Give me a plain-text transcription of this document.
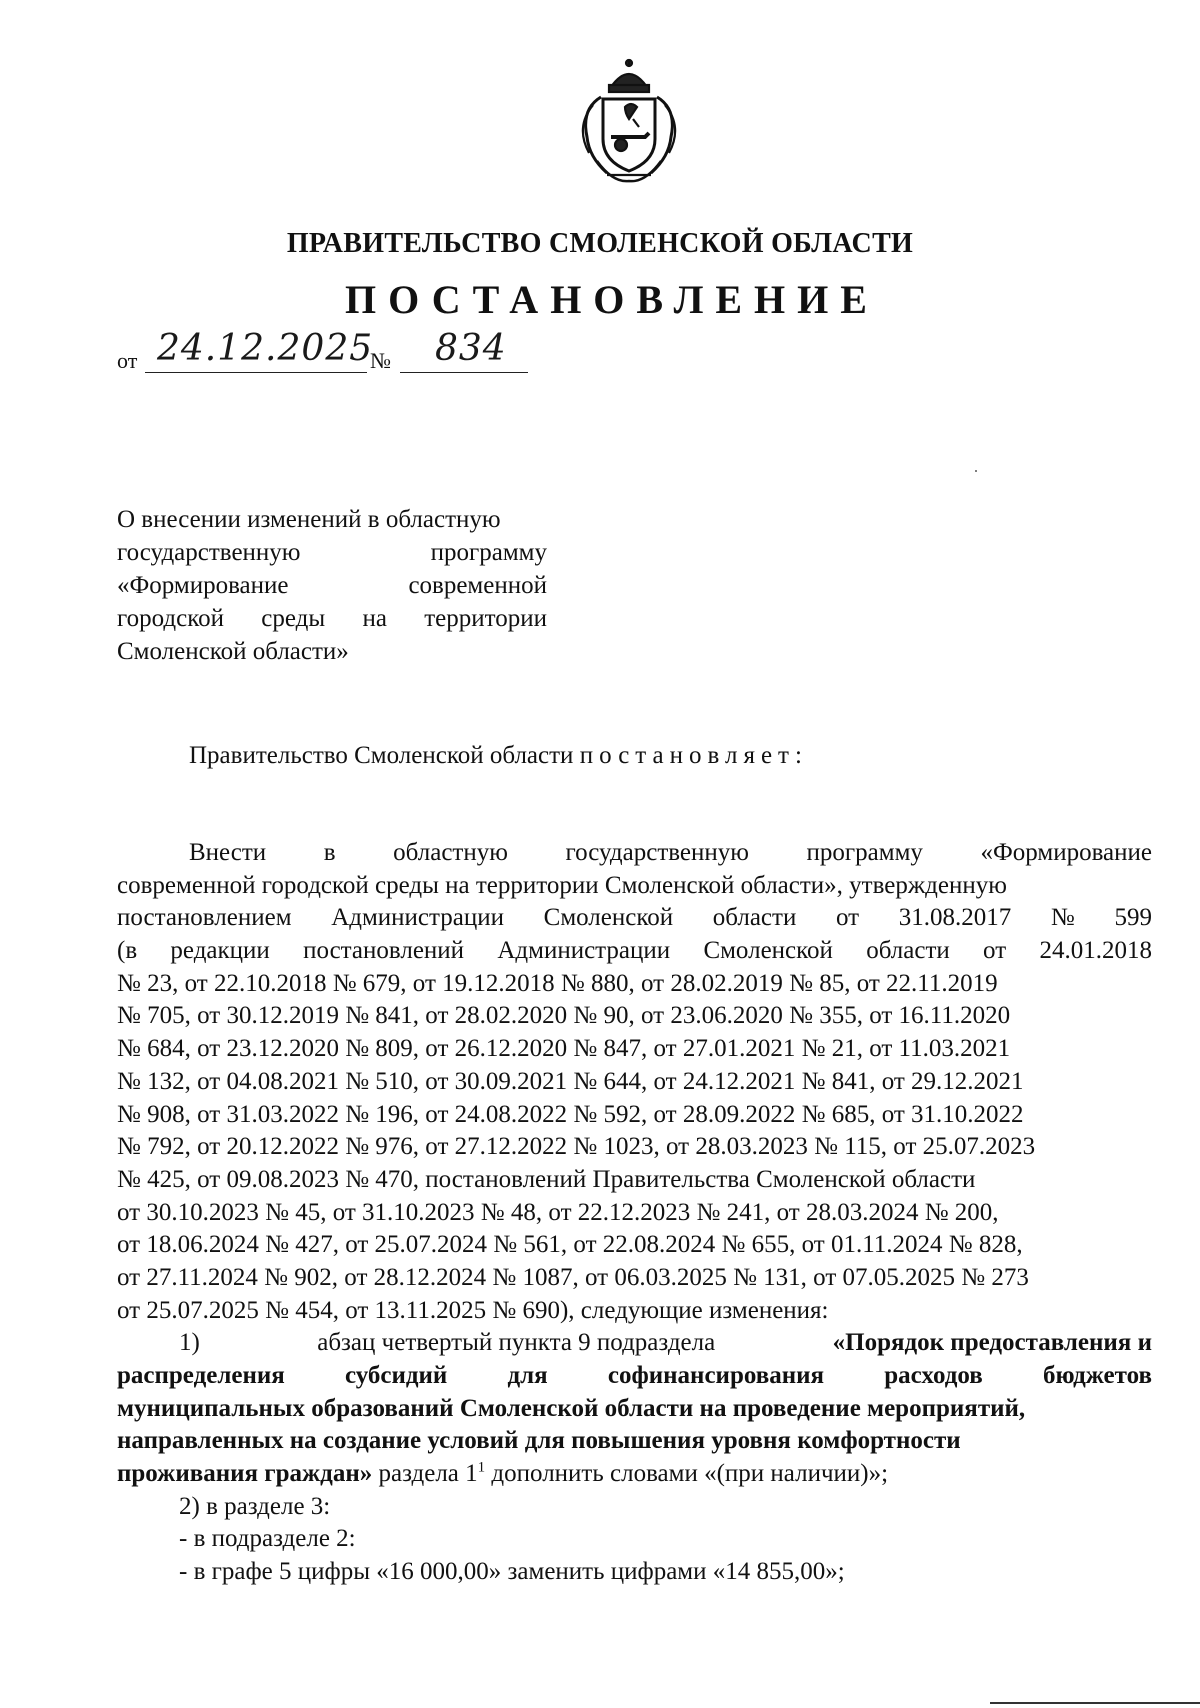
ПРАВИТЕЛЬСТВО СМОЛЕНСКОЙ ОБЛАСТИ
ПОСТАНОВЛЕНИЕ
от 24.12.2025
№ 834
О внесении изменений в областную
государственную	программу
«Формирование	современной
городской среды на территории
Смоленской области»
Правительство Смоленской области постановляет:
Внести в областную государственную программу «Формирование
современной городской среды на территории Смоленской области», утвержденную
постановлением Администрации Смоленской области от 31.08.2017 № 599
(в редакции постановлений Администрации Смоленской области от 24.01.2018
№ 23, от 22.10.2018 № 679, от 19.12.2018 № 880, от 28.02.2019 № 85, от 22.11.2019
№ 705, от 30.12.2019 № 841, от 28.02.2020 № 90, от 23.06.2020 № 355, от 16.11.2020
№ 684, от 23.12.2020 № 809, от 26.12.2020 № 847, от 27.01.2021 № 21, от 11.03.2021
№ 132, от 04.08.2021 № 510, от 30.09.2021 № 644, от 24.12.2021 № 841, от 29.12.2021
№ 908, от 31.03.2022 № 196, от 24.08.2022 № 592, от 28.09.2022 № 685, от 31.10.2022
№ 792, от 20.12.2022 № 976, от 27.12.2022 № 1023, от 28.03.2023 № 115, от 25.07.2023
№ 425, от 09.08.2023 № 470, постановлений Правительства Смоленской области
от 30.10.2023 № 45, от 31.10.2023 № 48, от 22.12.2023 № 241, от 28.03.2024 № 200,
от 18.06.2024 № 427, от 25.07.2024 № 561, от 22.08.2024 № 655, от 01.11.2024 № 828,
от 27.11.2024 № 902, от 28.12.2024 № 1087, от 06.03.2025 № 131, от 07.05.2025 № 273
от 25.07.2025 № 454, от 13.11.2025 № 690), следующие изменения:
1)	абзац четвертый пункта 9 подраздела	«Порядок предоставления и
распределения субсидий для софинансирования расходов бюджетов
муниципальных образований Смоленской области на проведение мероприятий,
направленных на создание условий для повышения уровня комфортности
проживания граждан» раздела $1^1$ дополнить словами «(при наличии)»;
2) в разделе 3:
- в подразделе 2:
- в графе 5 цифры «16 000,00» заменить цифрами «14 855,00»;
